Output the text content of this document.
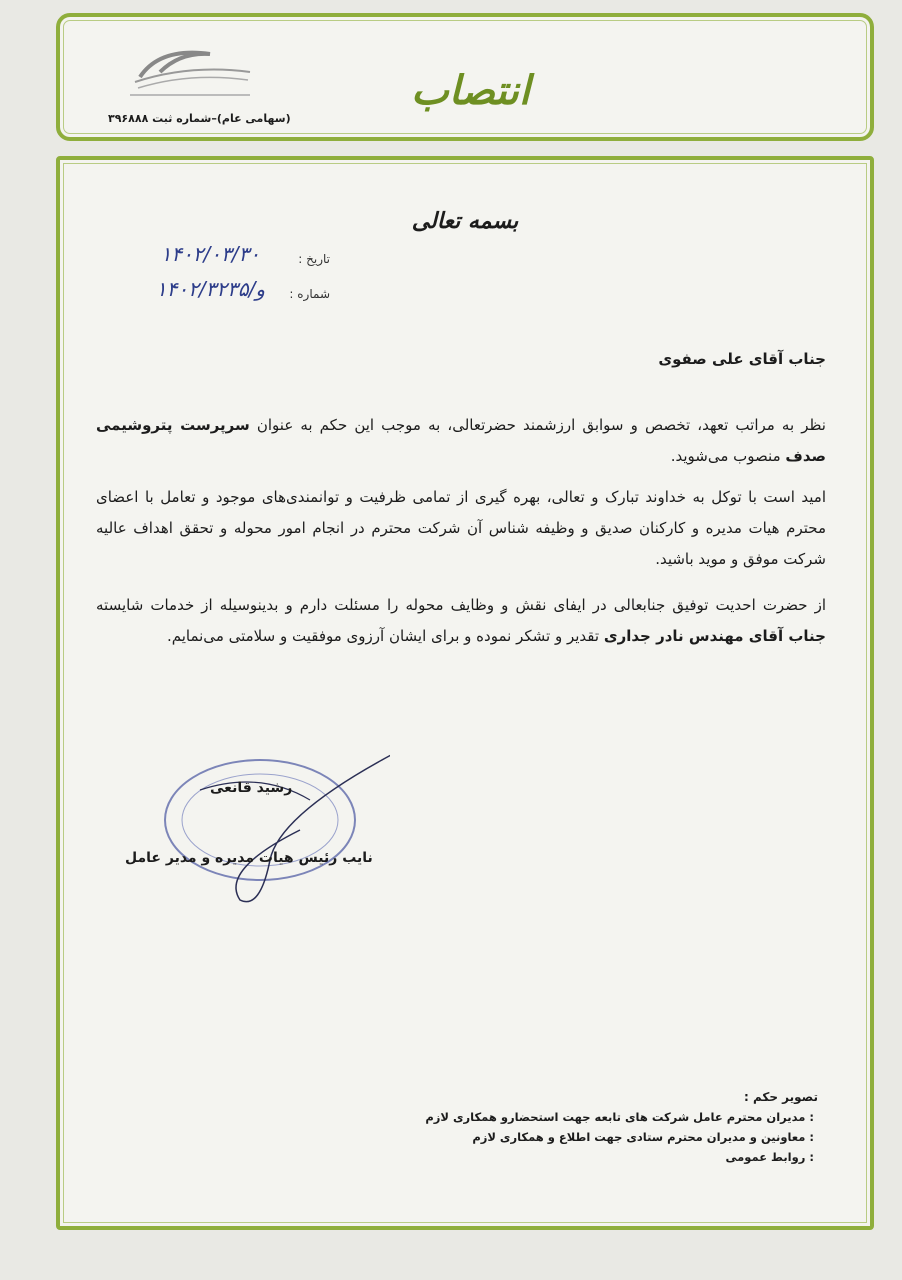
(سهامی عام)–شماره ثبت ۳۹۶۸۸۸
انتصاب
بسمه تعالی
تاریخ :
۱۴۰۲/۰۳/۳۰
شماره :
۱۴۰۲/و/۳۲۳۵
جناب آقای علی صفوی
نظر به مراتب تعهد، تخصص و سوابق ارزشمند حضرتعالی، به موجب این حکم به عنوان سرپرست پتروشیمی صدف منصوب می‌شوید.
امید است با توکل به خداوند تبارک و تعالی، بهره گیری از تمامی ظرفیت و توانمندی‌های موجود و تعامل با اعضای محترم هیات مدیره و کارکنان صدیق و وظیفه شناس آن شرکت محترم در انجام امور محوله و تحقق اهداف عالیه شرکت موفق و موید باشید.
از حضرت احدیت توفیق جنابعالی در ایفای نقش و وظایف محوله را مسئلت دارم و بدینوسیله از خدمات شایسته جناب آقای مهندس نادر جداری تقدیر و تشکر نموده و برای ایشان آرزوی موفقیت و سلامتی می‌نمایم.
رشید قانعی
نایب رئیس هیات مدیره و مدیر عامل
تصویر حکم :
: مدیران محترم عامل شرکت های تابعه جهت استحضارو همکاری لازم
: معاونین و مدیران محترم ستادی جهت اطلاع و همکاری لازم
: روابط عمومی
